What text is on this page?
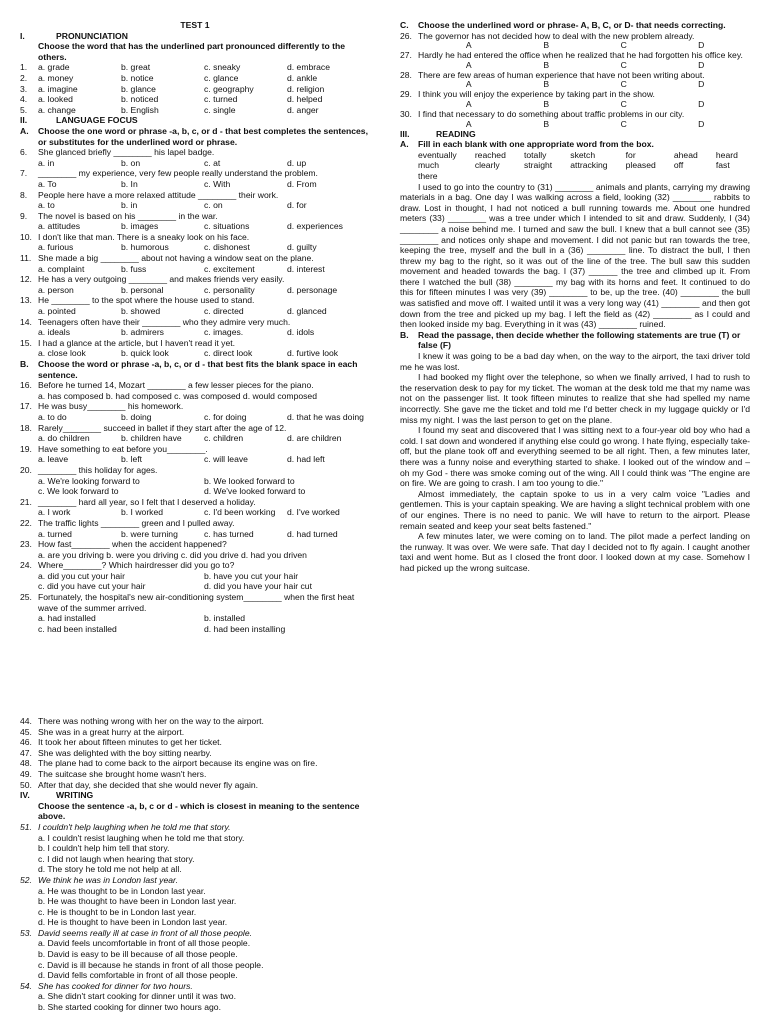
TEST 1
I.	PRONUNCIATION
Choose the word that has the underlined part pronounced differently to the others.
1.	a. grade	b. great	c. sneaky	d. embrace
2.	a. money	b. notice	c. glance	d. ankle
3.	a. imagine	b. glance	c. geography	d. religion
4.	a. looked	b. noticed	c. turned	d. helped
5.	a. change	b. English	c. single	d. anger
II.	LANGUAGE FOCUS
A.	Choose the one word or phrase -a, b, c, or d - that best completes the sentences, or substitutes for the underlined word or phrase.
6.	She glanced briefly ________ his lapel badge.
a. in	b. on	c. at	d. up
7.	________ my experience, very few people really understand the problem.
a. To	b. In	c. With	d. From
8.	People here have a more relaxed attitude ________ their work.
a. to	b. in	c. on	d. for
9.	The novel is based on his ________ in the war.
a. attitudes	b. images	c. situations	d. experiences
10. I don't like that man. There is a sneaky look on his face.
a. furious	b. humorous	c. dishonest	d. guilty
11. She made a big ________ about not having a window seat on the plane.
a. complaint	b. fuss	c. excitement	d. interest
12. He has a very outgoing ________ and makes friends very easily.
a. person	b. personal	c. personality	d. personage
13. He ________ to the spot where the house used to stand.
a. pointed	b. showed	c. directed	d. glanced
14. Teenagers often have their ________ who they admire very much.
a. ideals	b. admirers	c. images.	d. idols
15. I had a glance at the article, but I haven't read it yet.
a. close look	b. quick look	c. direct look	d. furtive look
B.	Choose the word or phrase -a, b, c, or d - that best fits the blank space in each sentence.
16. Before he turned 14, Mozart ________ a few lesser pieces for the piano.
a. has composed b. had composed c. was composed d. would composed
17. He was busy________ his homework.
a. to do	b. doing	c. for doing	d. that he was doing
18. Rarely________ succeed in ballet if they start after the age of 12.
a. do children	b. children have	c. children	d. are children
19. Have something to eat before you________.
a. leave	b. left	c. will leave	d. had left
20. ________ this holiday for ages.
a. We're looking forward to	b. We looked forward to
c. We look forward to	d. We've looked forward to
21. ________ hard all year, so I felt that I deserved a holiday.
a. I work	b. I worked	c. I'd been working	d. I've worked
22. The traffic lights ________ green and I pulled away.
a. turned	b. were turning	c. has turned	d. had turned
23. How fast________ when the accident happened?
a. are you driving b. were you driving c. did you drive d. had you driven
24. Where________? Which hairdresser did you go to?
a. did you cut your hair	b. have you cut your hair
c. did you have cut your hair	d. did you have your hair cut
25. Fortunately, the hospital's new air-conditioning system________ when the first heat wave of the summer arrived.
a. had installed	b. installed
c. had been installed	d. had been installing
C.	Choose the underlined word or phrase- A, B, C, or D- that needs correcting.
26. The governor has not decided how to deal with the new problem already.
A	B	C	D
27. Hardly he had entered the office when he realized that he had forgotten his office key.
A	B	C	D
28. There are few areas of human experience that have not been writing about.
A	B	C	D
29. I think you will enjoy the experience by taking part in the show.
A	B	C	D
30. I find that necessary to do something about traffic problems in our city.
A	B	C	D
III.	READING
A.	Fill in each blank with one appropriate word from the box.
eventually	reached	totally	sketch	for	ahead	heard
much	clearly	straight	attracking	pleased	off	fast
there
I used to go into the country to (31) ________ animals and plants, carrying my drawing materials in a bag. One day I was walking across a field, looking (32) ________ rabbits to draw. Lost in thought, I had not noticed a bull running towards me. About one hundred meters (33) ________ was a tree under which I intended to sit and draw. Suddenly, I (34) ________ a noise behind me. I turned and saw the bull. I knew that a bull cannot see (35) ________ and notices only shape and movement. I did not panic but ran towards the tree, keeping the tree, myself and the bull in a (36) ________ line. To distract the bull, I then threw my bag to the right, so it was out of the line of the tree. The bull saw this sudden movement and headed towards the bag. I (37) ______ the tree and climbed up it. From there I watched the bull (38) ________ my bag with its horns and feet. It continued to do this for fifteen minutes I was very (39) ________ to be, up the tree. (40) ________ the bull was satisfied and move off. I waited until it was a very long way (41) ________ and then got down from the tree and picked up my bag. I left the field as (42) ________ as I could and then looked inside my bag. Everything in it was (43) ________ ruined.
B.	Read the passage, then decide whether the following statements are true (T) or false (F)
I knew it was going to be a bad day when, on the way to the airport, the taxi driver told me he was lost.
I had booked my flight over the telephone, so when we finally arrived, I had to rush to the reservation desk to pay for my ticket. The woman at the desk told me that my name was not on the passenger list. It took fifteen minutes to realize that she had spelled my name incorrectly. She gave me the ticket and told me I'd better check in my luggage quickly or I'd miss my night. I was the last person to get on the plane.
I found my seat and discovered that I was sitting next to a four-year old boy who had a cold. I sat down and wondered if anything else could go wrong. I hate flying, especially take-off, but the plane took off and everything seemed to be all right. Then, a few minutes later, there was a funny noise and everything started to shake. I looked out of the window and – oh my God - there was smoke coming out of the wing. All I could think was "The engine are on fire. We are going to crash. I am too young to die."
Almost immediately, the captain spoke to us in a very calm voice "Ladies and gentlemen. This is your captain speaking. We are having a slight technical problem with one of our engines. There is no need to panic. We will have to return to the airport. Please remain seated and keep your seat belts fastened."
A few minutes later, we were coming on to land. The pilot made a perfect landing on the runway. It was over. We were safe. That day I decided not to fly again. I caught another taxi and went home. But as I closed the front door. I looked down at my case. Somehow I had picked up the wrong suitcase.
44. There was nothing wrong with her on the way to the airport.
45. She was in a great hurry at the airport.
46. It took her about fifteen minutes to get her ticket.
47. She was delighted with the boy sitting nearby.
48. The plane had to come back to the airport because its engine was on fire.
49. The suitcase she brought home wasn't hers.
50. After that day, she decided that she would never fly again.
IV.	WRITING
Choose the sentence -a, b, c or d - which is closest in meaning to the sentence above.
51. I couldn't help laughing when he told me that story.
a. I couldn't resist laughing when he told me that story.
b. I couldn't help him tell that story.
c. I did not laugh when hearing that story.
d. The story he told me not help at all.
52. We think he was in London last year.
a. He was thought to be in London last year.
b. He was thought to have been in London last year.
c. He is thought to be in London last year.
d. He is thought to have been in London last year.
53. David seems really ill at case in front of all those people.
a. David feels uncomfortable in front of all those people.
b. David is easy to be ill because of all those people.
c. David is ill because he stands in front of all those people.
d. David fells comfortable in front of all those people.
54. She has cooked for dinner for two hours.
a. She didn't start cooking for dinner until it was two.
b. She started cooking for dinner two hours ago.
